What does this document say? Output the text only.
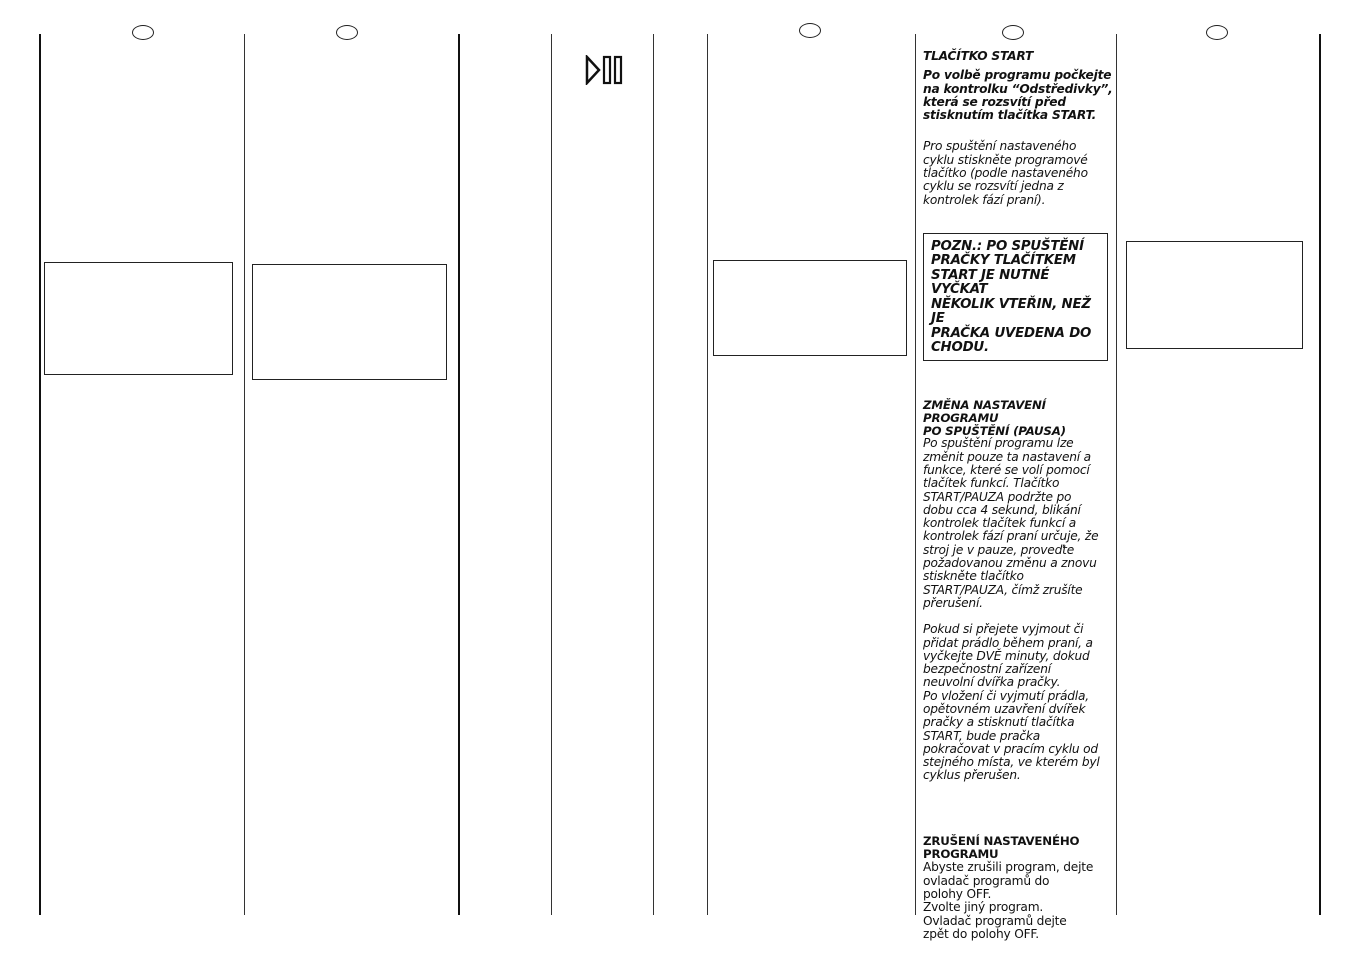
TLAČÍTKO START

Po volbě programu počkejte
na kontrolku “Odstředivky”,
která se rozsvítí před
stisknutím tlačítka START.

Pro spuštění nastaveného
cyklu stiskněte programové
tlačítko (podle nastaveného
cyklu se rozsvítí jedna z
kontrolek fází praní).

POZN.: PO SPUŠTĚNÍ
PRAČKY TLAČÍTKEM
START JE NUTNÉ VYČKAT
NĚKOLIK VTEŘIN, NEŽ JE
PRAČKA UVEDENA DO
CHODU.

ZMĚNA NASTAVENÍ PROGRAMU
PO SPUŠTĚNÍ (PAUSA)

Po spuštění programu lze
změnit pouze ta nastavení a
funkce, které se volí pomocí
tlačítek funkcí. Tlačítko
START/PAUZA podržte po
dobu cca 4 sekund, blikání
kontrolek tlačítek funkcí a
kontrolek fází praní určuje, že
stroj je v pauze, proveďte
požadovanou změnu a znovu
stiskněte tlačítko
START/PAUZA, čímž zrušíte
přerušení.

Pokud si přejete vyjmout či
přidat prádlo během praní, a
vyčkejte DVĚ minuty, dokud
bezpečnostní zařízení
neuvolní dvířka pračky.
Po vložení či vyjmutí prádla,
opětovném uzavření dvířek
pračky a stisknutí tlačítka
START, bude pračka
pokračovat v pracím cyklu od
stejného místa, ve kterém byl
cyklus přerušen.

ZRUŠENÍ NASTAVENÉHO
PROGRAMU

Abyste zrušili program, dejte
ovladač programů do
polohy OFF.
Zvolte jiný program.
Ovladač programů dejte
zpět do polohy OFF.
